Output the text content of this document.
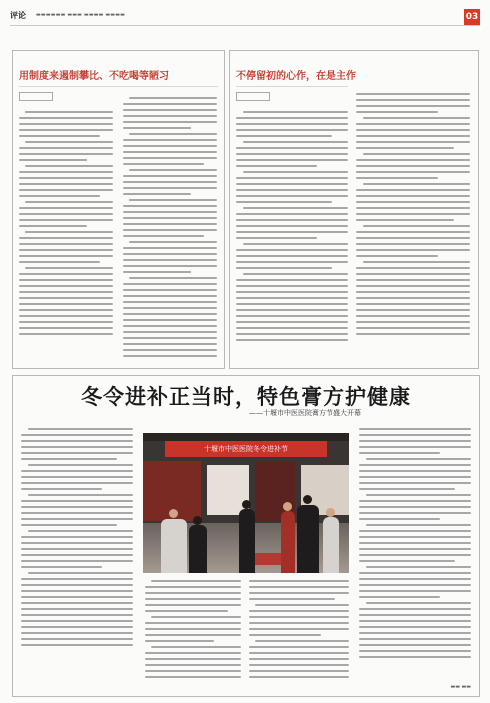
评论 ▬▬▬▬▬▬ ▬▬▬ ▬▬▬▬ ▬▬▬▬	03
用制度来遏制攀比、不吃喝等陋习	不停留初的心作，在是主作
冬令进补正当时，特色膏方护健康
——十堰市中医医院膏方节盛大开幕
十堰市中医医院冬令进补节
▬▬ ▬▬
